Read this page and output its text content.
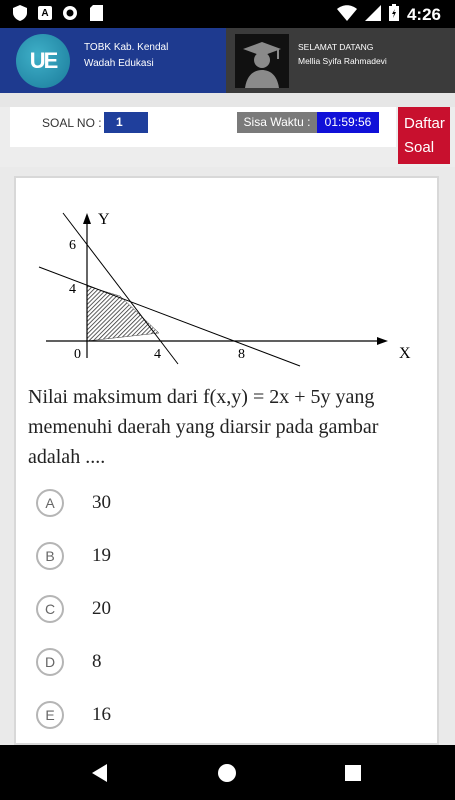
A	4:26
UE
TOBK Kab. Kendal
Wadah Edukasi
SELAMAT DATANG
Mellia Syifa Rahmadevi
SOAL NO :	1	Sisa Waktu :	01:59:56	Daftar
Soal
Y
X
6
4
0	4	8
Nilai maksimum dari f(x,y) = 2x + 5y yang memenuhi daerah yang diarsir pada gambar adalah ....
A	30
B	19
C	20
D	8
E	16
